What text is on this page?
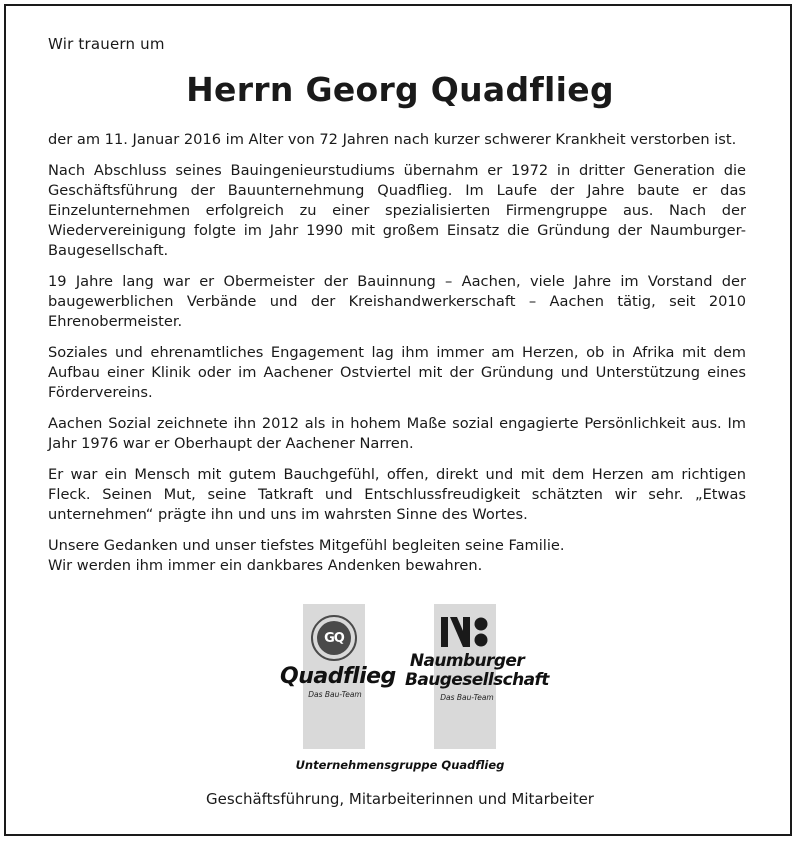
Wir trauern um
Herrn Georg Quadflieg

der am 11. Januar 2016 im Alter von 72 Jahren nach kurzer schwerer Krankheit verstorben ist.

Nach Abschluss seines Bauingenieurstudiums übernahm er 1972 in dritter Generation die Geschäftsführung der Bauunternehmung Quadflieg. Im Laufe der Jahre baute er das Einzelunternehmen erfolgreich zu einer spezialisierten Firmengruppe aus. Nach der Wiedervereinigung folgte im Jahr 1990 mit großem Einsatz die Gründung der Naumburger-Baugesellschaft.

19 Jahre lang war er Obermeister der Bauinnung – Aachen, viele Jahre im Vorstand der baugewerblichen Verbände und der Kreishandwerkerschaft – Aachen tätig, seit 2010 Ehrenobermeister.

Soziales und ehrenamtliches Engagement lag ihm immer am Herzen, ob in Afrika mit dem Aufbau einer Klinik oder im Aachener Ostviertel mit der Gründung und Unterstützung eines Fördervereins.

Aachen Sozial zeichnete ihn 2012 als in hohem Maße sozial engagierte Persönlichkeit aus. Im Jahr 1976 war er Oberhaupt der Aachener Narren.

Er war ein Mensch mit gutem Bauchgefühl, offen, direkt und mit dem Herzen am richtigen Fleck. Seinen Mut, seine Tatkraft und Entschlussfreudigkeit schätzten wir sehr. „Etwas unternehmen“ prägte ihn und uns im wahrsten Sinne des Wortes.

Unsere Gedanken und unser tiefstes Mitgefühl begleiten seine Familie.

Wir werden ihm immer ein dankbares Andenken bewahren.

GQ
Quadflieg
Das Bau-Team
Naumburger
Baugesellschaft
Das Bau-Team
Unternehmensgruppe Quadflieg
Geschäftsführung, Mitarbeiterinnen und Mitarbeiter
